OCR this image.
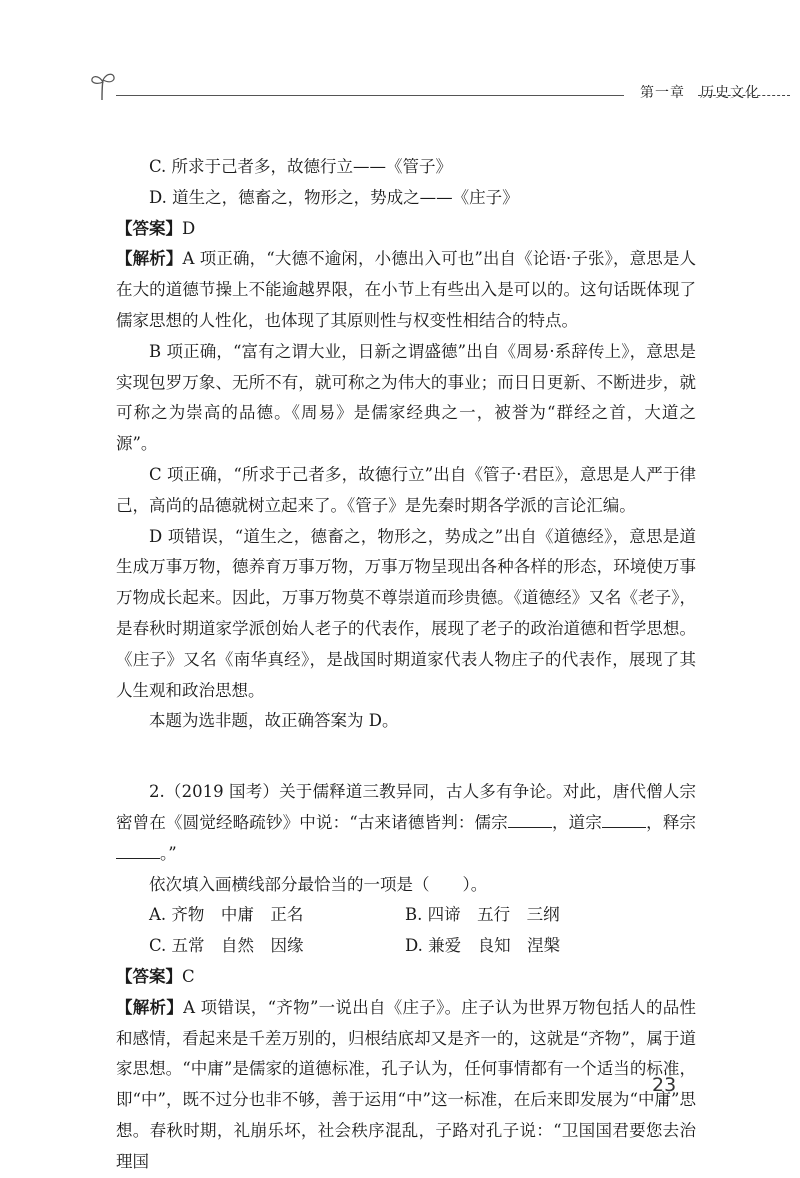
第一章　历史文化

C. 所求于己者多，故德行立——《管子》

D. 道生之，德畜之，物形之，势成之——《庄子》

【答案】D

【解析】A 项正确，“大德不逾闲，小德出入可也”出自《论语·子张》，意思是人在大的道德节操上不能逾越界限，在小节上有些出入是可以的。这句话既体现了儒家思想的人性化，也体现了其原则性与权变性相结合的特点。

B 项正确，“富有之谓大业，日新之谓盛德”出自《周易·系辞传上》，意思是实现包罗万象、无所不有，就可称之为伟大的事业；而日日更新、不断进步，就可称之为崇高的品德。《周易》是儒家经典之一，被誉为“群经之首，大道之源”。

C 项正确，“所求于己者多，故德行立”出自《管子·君臣》，意思是人严于律己，高尚的品德就树立起来了。《管子》是先秦时期各学派的言论汇编。

D 项错误，“道生之，德畜之，物形之，势成之”出自《道德经》，意思是道生成万事万物，德养育万事万物，万事万物呈现出各种各样的形态，环境使万事万物成长起来。因此，万事万物莫不尊崇道而珍贵德。《道德经》又名《老子》，是春秋时期道家学派创始人老子的代表作，展现了老子的政治道德和哲学思想。《庄子》又名《南华真经》，是战国时期道家代表人物庄子的代表作，展现了其人生观和政治思想。

本题为选非题，故正确答案为 D。

2.（2019 国考）关于儒释道三教异同，古人多有争论。对此，唐代僧人宗密曾在《圆觉经略疏钞》中说：“古来诸德皆判：儒宗	，道宗	，释宗。”

依次填入画横线部分最恰当的一项是（　　）。

A. 齐物　中庸　正名	B. 四谛　五行　三纲
C. 五常　自然　因缘	D. 兼爱　良知　涅槃

【答案】C

【解析】A 项错误，“齐物”一说出自《庄子》。庄子认为世界万物包括人的品性和感情，看起来是千差万别的，归根结底却又是齐一的，这就是“齐物”，属于道家思想。“中庸”是儒家的道德标准，孔子认为，任何事情都有一个适当的标准，即“中”，既不过分也非不够，善于运用“中”这一标准，在后来即发展为“中庸”思想。春秋时期，礼崩乐坏，社会秩序混乱，子路对孔子说：“卫国国君要您去治理国

23
